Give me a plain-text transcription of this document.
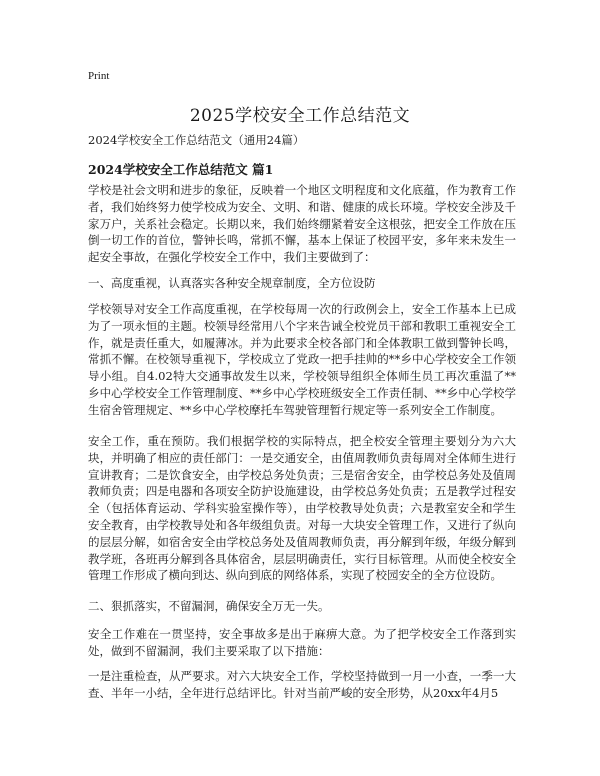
Print
2025学校安全工作总结范文
2024学校安全工作总结范文（通用24篇）
2024学校安全工作总结范文 篇1

学校是社会文明和进步的象征，反映着一个地区文明程度和文化底蕴，作为教育工作者，我们始终努力使学校成为安全、文明、和谐、健康的成长环境。学校安全涉及千家万户，关系社会稳定。长期以来，我们始终绷紧着安全这根弦，把安全工作放在压倒一切工作的首位，警钟长鸣，常抓不懈，基本上保证了校园平安，多年来未发生一起安全事故，在强化学校安全工作中，我们主要做到了：

一、高度重视，认真落实各种安全规章制度，全方位设防

学校领导对安全工作高度重视，在学校每周一次的行政例会上，安全工作基本上已成为了一项永恒的主题。校领导经常用八个字来告诫全校党员干部和教职工重视安全工作，就是责任重大，如履薄冰。并为此要求全校各部门和全体教职工做到警钟长鸣，常抓不懈。在校领导重视下，学校成立了党政一把手挂帅的**乡中心学校安全工作领导小组。自4.02特大交通事故发生以来，学校领导组织全体师生员工再次重温了**乡中心学校安全工作管理制度、**乡中心学校班级安全工作责任制、**乡中心学校学生宿舍管理规定、**乡中心学校摩托车驾驶管理暂行规定等一系列安全工作制度。

安全工作，重在预防。我们根据学校的实际特点，把全校安全管理主要划分为六大块，并明确了相应的责任部门：一是交通安全，由值周教师负责每周对全体师生进行宣讲教育；二是饮食安全，由学校总务处负责；三是宿舍安全，由学校总务处及值周教师负责；四是电器和各项安全防护设施建设，由学校总务处负责；五是教学过程安全（包括体育运动、学科实验室操作等），由学校教导处负责；六是教室安全和学生安全教育，由学校教导处和各年级组负责。对每一大块安全管理工作，又进行了纵向的层层分解，如宿舍安全由学校总务处及值周教师负责，再分解到年级，年级分解到教学班，各班再分解到各具体宿舍，层层明确责任，实行目标管理。从而使全校安全管理工作形成了横向到达、纵向到底的网络体系，实现了校园安全的全方位设防。

二、狠抓落实，不留漏洞，确保安全万无一失。

安全工作难在一贯坚持，安全事故多是出于麻痹大意。为了把学校安全工作落到实处，做到不留漏洞，我们主要采取了以下措施：

一是注重检查，从严要求。对六大块安全工作，学校坚持做到一月一小查，一季一大查、半年一小结，全年进行总结评比。针对当前严峻的安全形势，从20xx年4月5
